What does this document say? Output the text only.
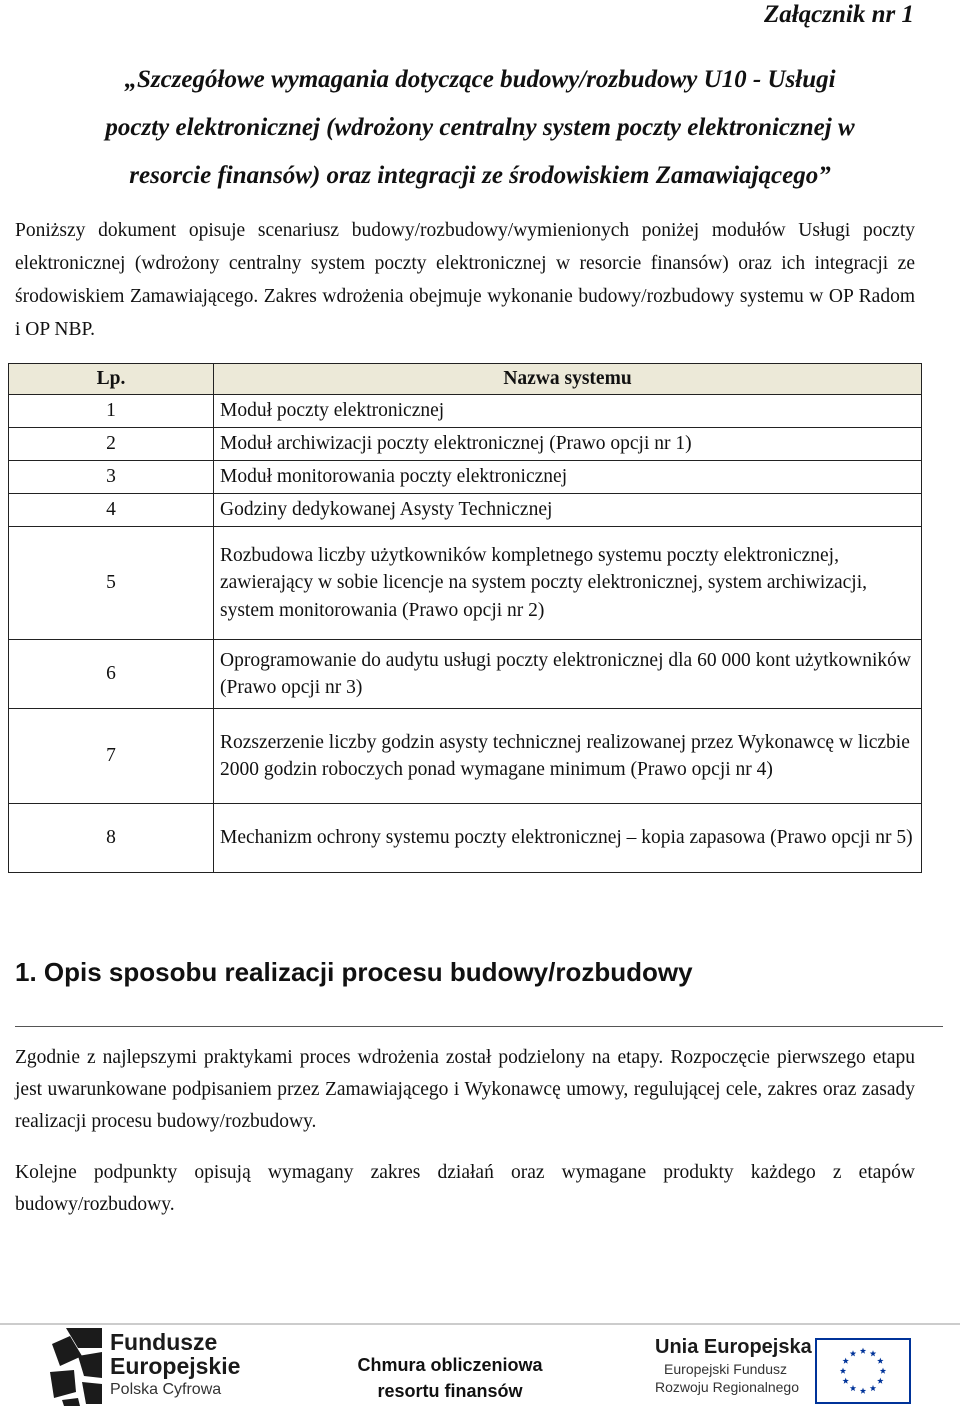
Załącznik nr 1
„Szczegółowe wymagania dotyczące budowy/rozbudowy U10 - Usługi
poczty elektronicznej (wdrożony centralny system poczty elektronicznej w
resorcie finansów) oraz integracji ze środowiskiem Zamawiającego”

Poniższy dokument opisuje scenariusz budowy/rozbudowy/wymienionych poniżej modułów Usługi poczty elektronicznej (wdrożony centralny system poczty elektronicznej w resorcie finansów) oraz ich integracji ze środowiskiem Zamawiającego. Zakres wdrożenia obejmuje wykonanie budowy/rozbudowy systemu w OP Radom i OP NBP.

Lp.	Nazwa systemu
1	Moduł poczty elektronicznej
2	Moduł archiwizacji poczty elektronicznej (Prawo opcji nr 1)
3	Moduł monitorowania poczty elektronicznej
4	Godziny dedykowanej Asysty Technicznej
5	Rozbudowa liczby użytkowników kompletnego systemu poczty elektronicznej, zawierający w sobie licencje na system poczty elektronicznej, system archiwizacji, system monitorowania (Prawo opcji nr 2)
6	Oprogramowanie do audytu usługi poczty elektronicznej dla 60 000 kont użytkowników (Prawo opcji nr 3)
7	Rozszerzenie liczby godzin asysty technicznej realizowanej przez Wykonawcę w liczbie 2000 godzin roboczych ponad wymagane minimum (Prawo opcji nr 4)
8	Mechanizm ochrony systemu poczty elektronicznej – kopia zapasowa (Prawo opcji nr 5)
1. Opis sposobu realizacji procesu budowy/rozbudowy

Zgodnie z najlepszymi praktykami proces wdrożenia został podzielony na etapy. Rozpoczęcie pierwszego etapu jest uwarunkowane podpisaniem przez Zamawiającego i Wykonawcę umowy, regulującej cele, zakres oraz zasady realizacji procesu budowy/rozbudowy.

Kolejne podpunkty opisują wymagany zakres działań oraz wymagane produkty każdego z etapów budowy/rozbudowy.

Fundusze
Europejskie
Polska Cyfrowa
Chmura obliczeniowa
resortu finansów
Unia Europejska
Europejski Fundusz
Rozwoju Regionalnego
